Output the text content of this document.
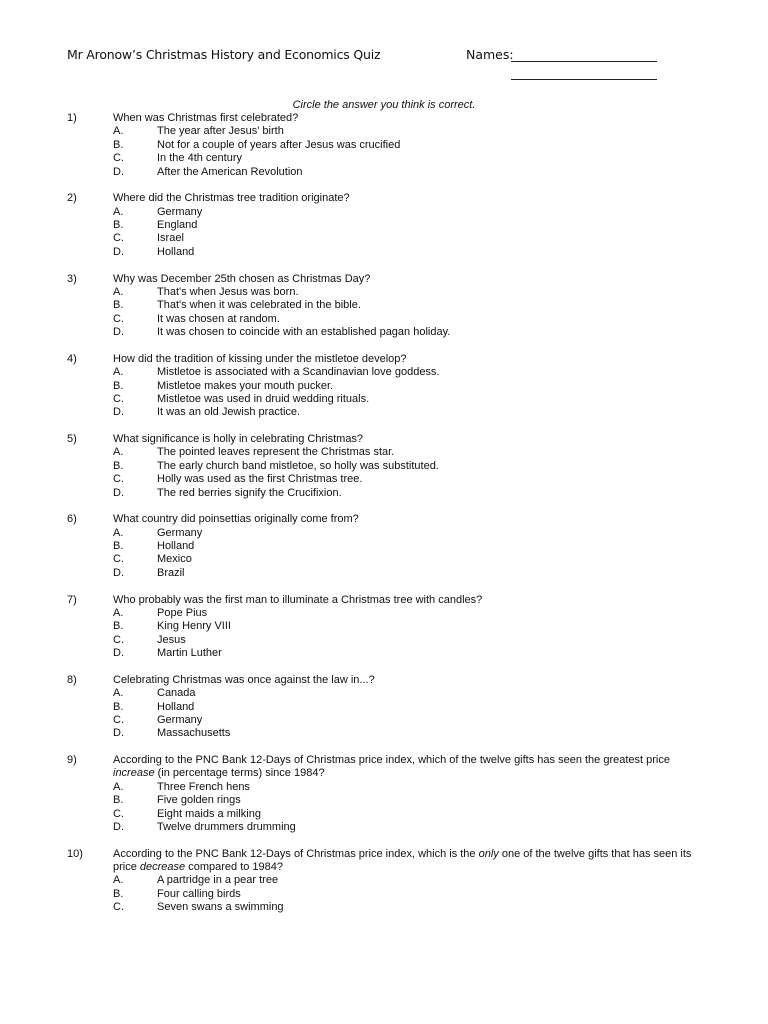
Mr Aronow’s Christmas History and Economics Quiz	Names:
Circle the answer you think is correct.
1)	When was Christmas first celebrated?
A.	The year after Jesus' birth
B.	Not for a couple of years after Jesus was crucified
C.	In the 4th century
D.	After the American Revolution
2)	Where did the Christmas tree tradition originate?
A.	Germany
B.	England
C.	Israel
D.	Holland
3)	Why was December 25th chosen as Christmas Day?
A.	That's when Jesus was born.
B.	That's when it was celebrated in the bible.
C.	It was chosen at random.
D.	It was chosen to coincide with an established pagan holiday.
4)	How did the tradition of kissing under the mistletoe develop?
A.	Mistletoe is associated with a Scandinavian love goddess.
B.	Mistletoe makes your mouth pucker.
C.	Mistletoe was used in druid wedding rituals.
D.	It was an old Jewish practice.
5)	What significance is holly in celebrating Christmas?
A.	The pointed leaves represent the Christmas star.
B.	The early church band mistletoe, so holly was substituted.
C.	Holly was used as the first Christmas tree.
D.	The red berries signify the Crucifixion.
6)	What country did poinsettias originally come from?
A.	Germany
B.	Holland
C.	Mexico
D.	Brazil
7)	Who probably was the first man to illuminate a Christmas tree with candles?
A.	Pope Pius
B.	King Henry VIII
C.	Jesus
D.	Martin Luther
8)	Celebrating Christmas was once against the law in...?
A.	Canada
B.	Holland
C.	Germany
D.	Massachusetts
9)	According to the PNC Bank 12-Days of Christmas price index, which of the twelve gifts has seen the greatest price increase (in percentage terms) since 1984?
A.	Three French hens
B.	Five golden rings
C.	Eight maids a milking
D.	Twelve drummers drumming
10)	According to the PNC Bank 12-Days of Christmas price index, which is the only one of the twelve gifts that has seen its price decrease compared to 1984?
A.	A partridge in a pear tree
B.	Four calling birds
C.	Seven swans a swimming
